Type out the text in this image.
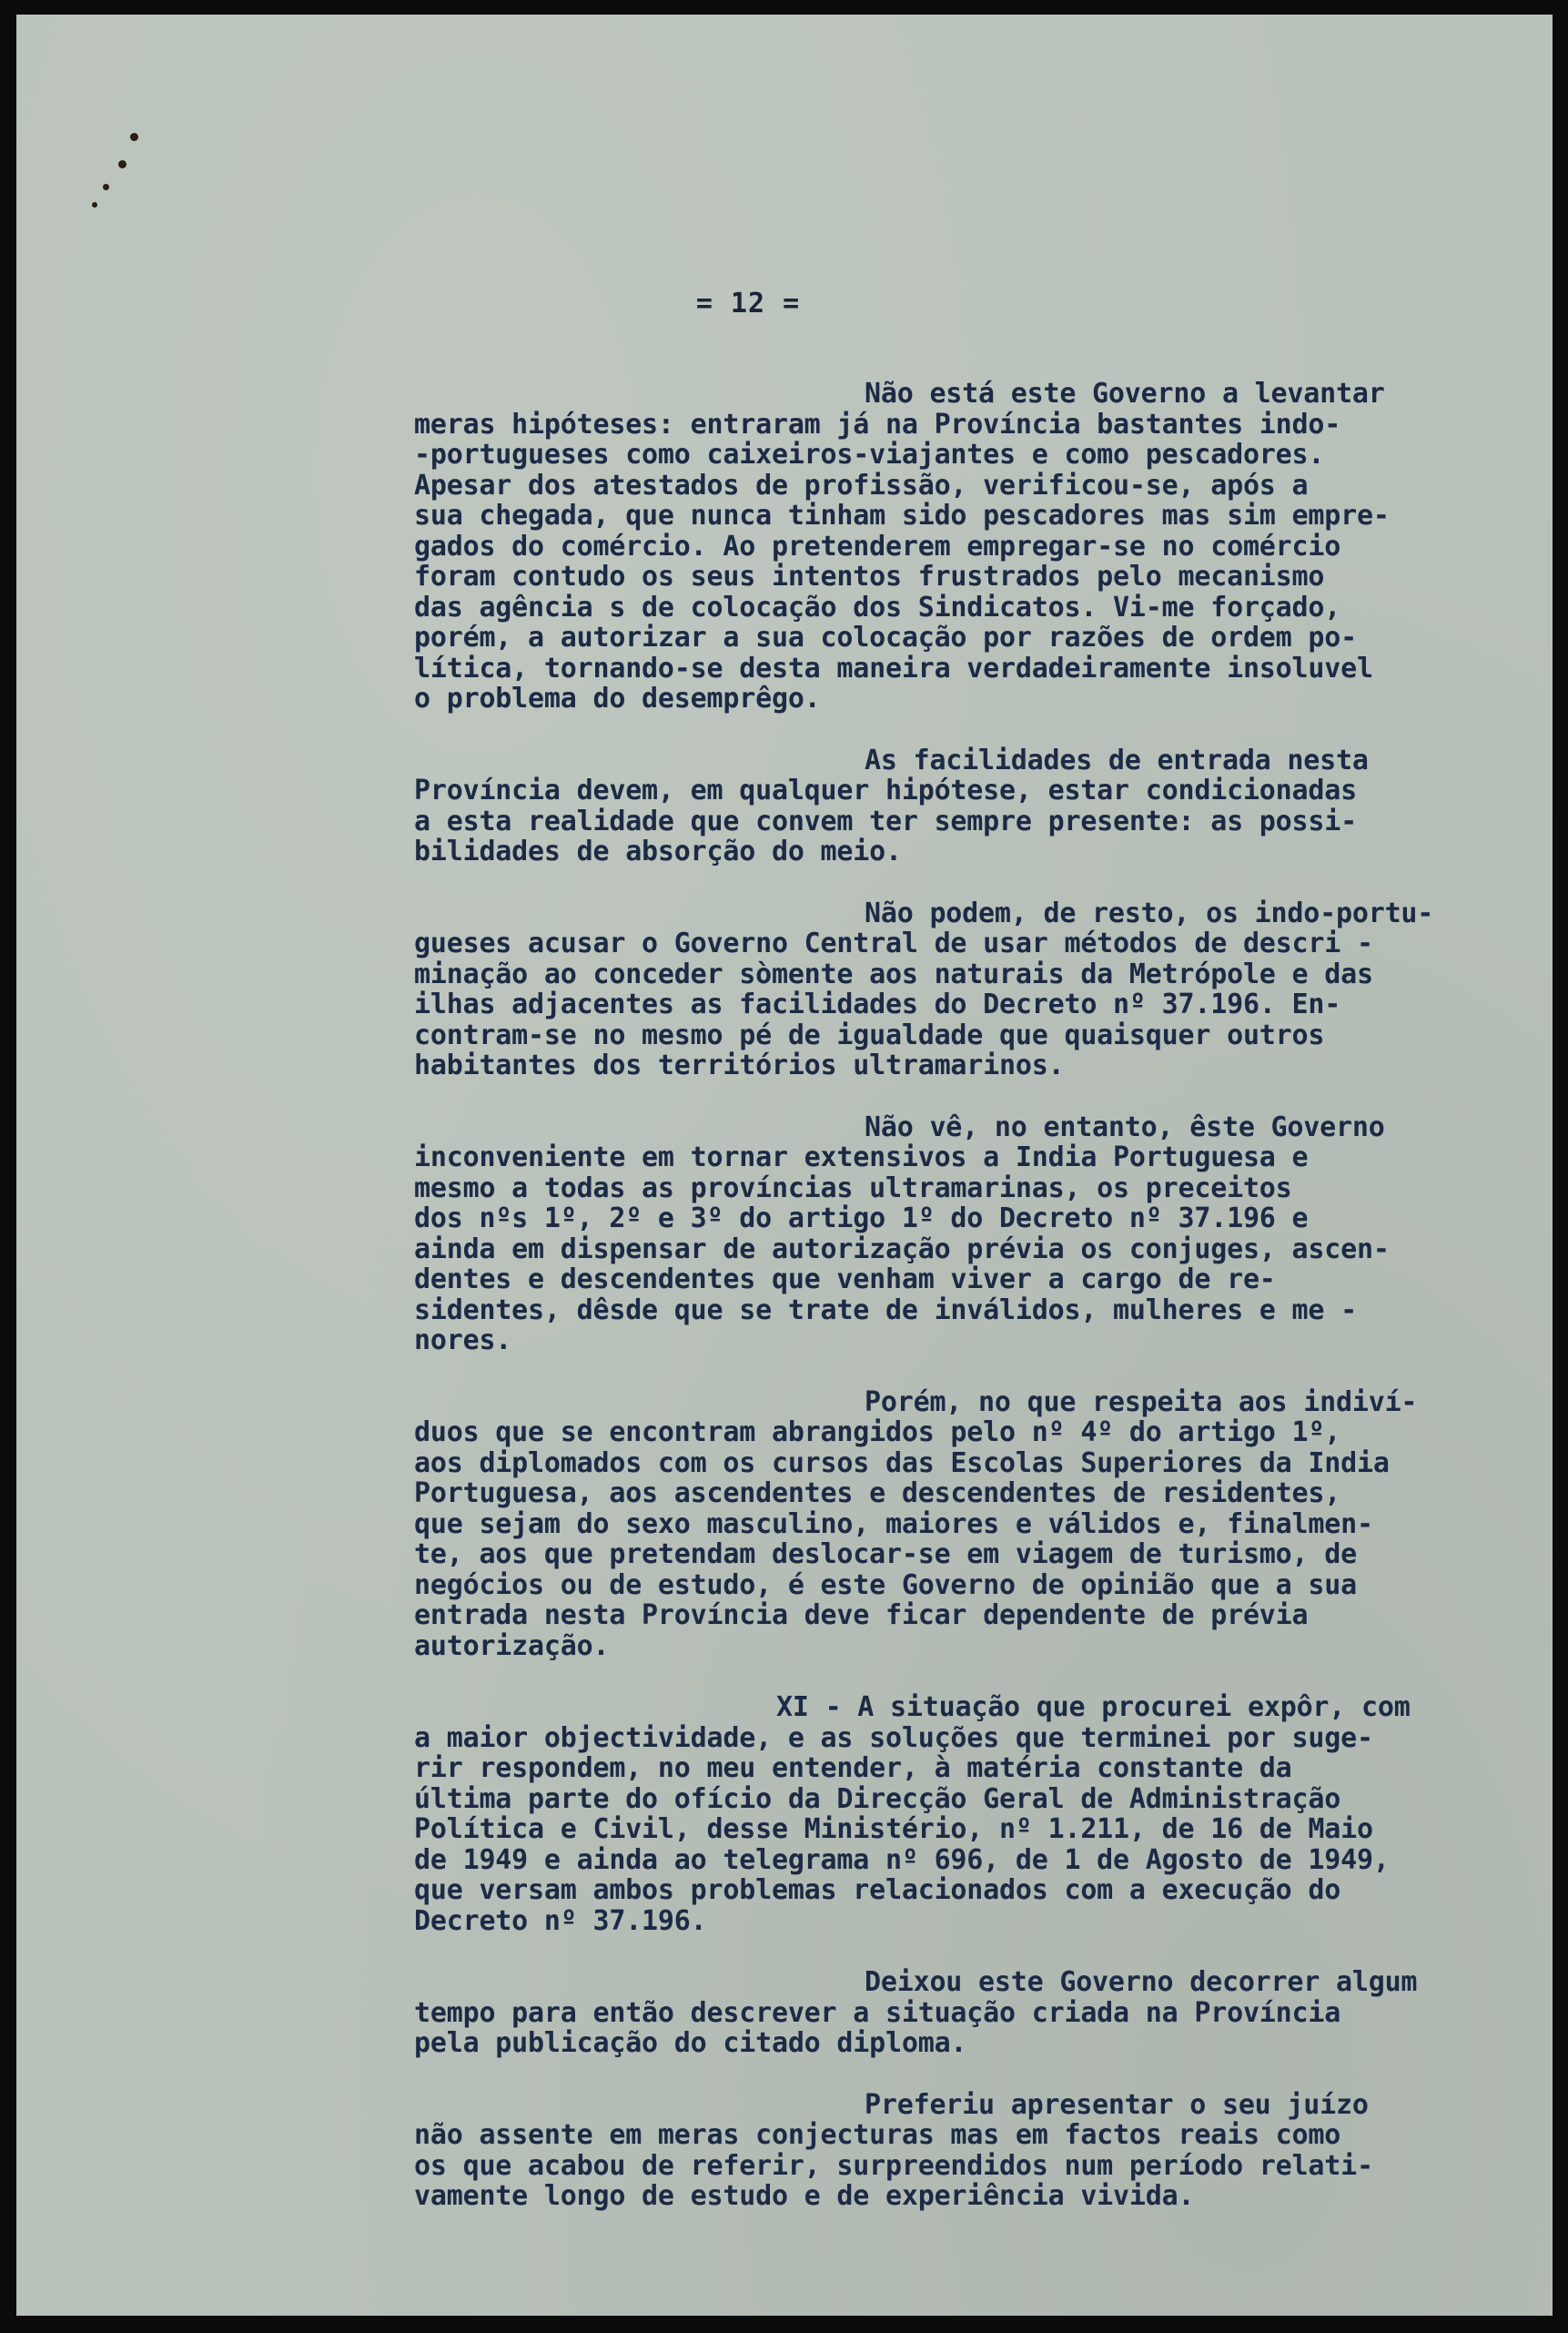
= 12 =
Não está este Governo a levantar
meras hipóteses: entraram já na Província bastantes indo-
-portugueses como caixeiros-viajantes e como pescadores.
Apesar dos atestados de profissão, verificou-se, após a
sua chegada, que nunca tinham sido pescadores mas sim empre-
gados do comércio. Ao pretenderem empregar-se no comércio
foram contudo os seus intentos frustrados pelo mecanismo
das agência s de colocação dos Sindicatos. Vi-me forçado,
porém, a autorizar a sua colocação por razões de ordem po-
lítica, tornando-se desta maneira verdadeiramente insoluvel
o problema do desemprêgo.
As facilidades de entrada nesta
Província devem, em qualquer hipótese, estar condicionadas
a esta realidade que convem ter sempre presente: as possi-
bilidades de absorção do meio.
Não podem, de resto, os indo-portu-
gueses acusar o Governo Central de usar métodos de descri -
minação ao conceder sòmente aos naturais da Metrópole e das
ilhas adjacentes as facilidades do Decreto nº 37.196. En-
contram-se no mesmo pé de igualdade que quaisquer outros
habitantes dos territórios ultramarinos.
Não vê, no entanto, êste Governo
inconveniente em tornar extensivos a India Portuguesa e
mesmo a todas as províncias ultramarinas, os preceitos
dos nºs 1º, 2º e 3º do artigo 1º do Decreto nº 37.196 e
ainda em dispensar de autorização prévia os conjuges, ascen-
dentes e descendentes que venham viver a cargo de re-
sidentes, dêsde que se trate de inválidos, mulheres e me -
nores.
Porém, no que respeita aos indiví-
duos que se encontram abrangidos pelo nº 4º do artigo 1º,
aos diplomados com os cursos das Escolas Superiores da India
Portuguesa, aos ascendentes e descendentes de residentes,
que sejam do sexo masculino, maiores e válidos e, finalmen-
te, aos que pretendam deslocar-se em viagem de turismo, de
negócios ou de estudo, é este Governo de opinião que a sua
entrada nesta Província deve ficar dependente de prévia
autorização.
XI - A situação que procurei expôr, com
a maior objectividade, e as soluções que terminei por suge-
rir respondem, no meu entender, à matéria constante da
última parte do ofício da Direcção Geral de Administração
Política e Civil, desse Ministério, nº 1.211, de 16 de Maio
de 1949 e ainda ao telegrama nº 696, de 1 de Agosto de 1949,
que versam ambos problemas relacionados com a execução do
Decreto nº 37.196.
Deixou este Governo decorrer algum
tempo para então descrever a situação criada na Província
pela publicação do citado diploma.
Preferiu apresentar o seu juízo
não assente em meras conjecturas mas em factos reais como
os que acabou de referir, surpreendidos num período relati-
vamente longo de estudo e de experiência vivida.
